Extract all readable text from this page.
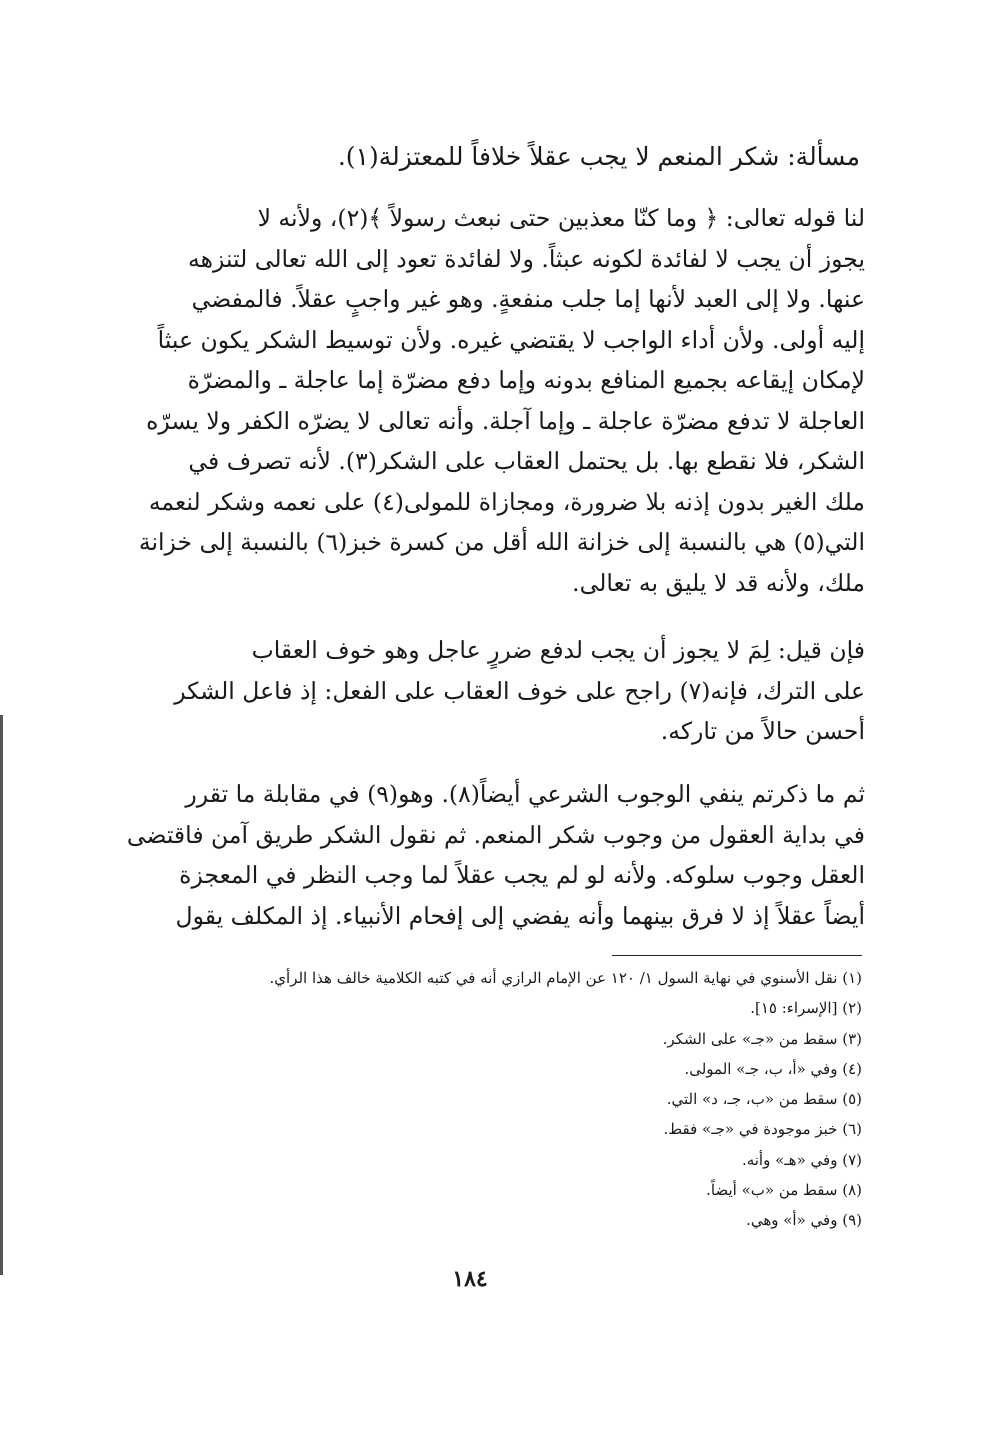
مسألة: شكر المنعم لا يجب عقلاً خلافاً للمعتزلة(١).
لنا قوله تعالى: ﴿ وما كنّا معذبين حتى نبعث رسولاً ﴾(٢)، ولأنه لا
يجوز أن يجب لا لفائدة لكونه عبثاً. ولا لفائدة تعود إلى الله تعالى لتنزهه
عنها. ولا إلى العبد لأنها إما جلب منفعةٍ. وهو غير واجبٍ عقلاً. فالمفضي
إليه أولى. ولأن أداء الواجب لا يقتضي غيره. ولأن توسيط الشكر يكون عبثاً
لإمكان إيقاعه بجميع المنافع بدونه وإما دفع مضرّة إما عاجلة ـ والمضرّة
العاجلة لا تدفع مضرّة عاجلة ـ وإما آجلة. وأنه تعالى لا يضرّه الكفر ولا يسرّه
الشكر، فلا نقطع بها. بل يحتمل العقاب على الشكر(٣). لأنه تصرف في
ملك الغير بدون إذنه بلا ضرورة، ومجازاة للمولى(٤) على نعمه وشكر لنعمه
التي(٥) هي بالنسبة إلى خزانة الله أقل من كسرة خبز(٦) بالنسبة إلى خزانة
ملك، ولأنه قد لا يليق به تعالى.
فإن قيل: لِمَ لا يجوز أن يجب لدفع ضررٍ عاجل وهو خوف العقاب
على الترك، فإنه(٧) راجح على خوف العقاب على الفعل: إذ فاعل الشكر
أحسن حالاً من تاركه.
ثم ما ذكرتم ينفي الوجوب الشرعي أيضاً(٨). وهو(٩) في مقابلة ما تقرر
في بداية العقول من وجوب شكر المنعم. ثم نقول الشكر طريق آمن فاقتضى
العقل وجوب سلوكه. ولأنه لو لم يجب عقلاً لما وجب النظر في المعجزة
أيضاً عقلاً إذ لا فرق بينهما وأنه يفضي إلى إفحام الأنبياء. إذ المكلف يقول
(١) نقل الأسنوي في نهاية السول ١/ ١٢٠ عن الإمام الرازي أنه في كتبه الكلامية خالف هذا الرأي.
(٢) [الإسراء: ١٥].
(٣) سقط من «جـ» على الشكر.
(٤) وفي «أ، ب، جـ» المولى.
(٥) سقط من «ب، جـ، د» التي.
(٦) خبز موجودة في «جـ» فقط.
(٧) وفي «هـ» وأنه.
(٨) سقط من «ب» أيضاً.
(٩) وفي «أ» وهي.
١٨٤
